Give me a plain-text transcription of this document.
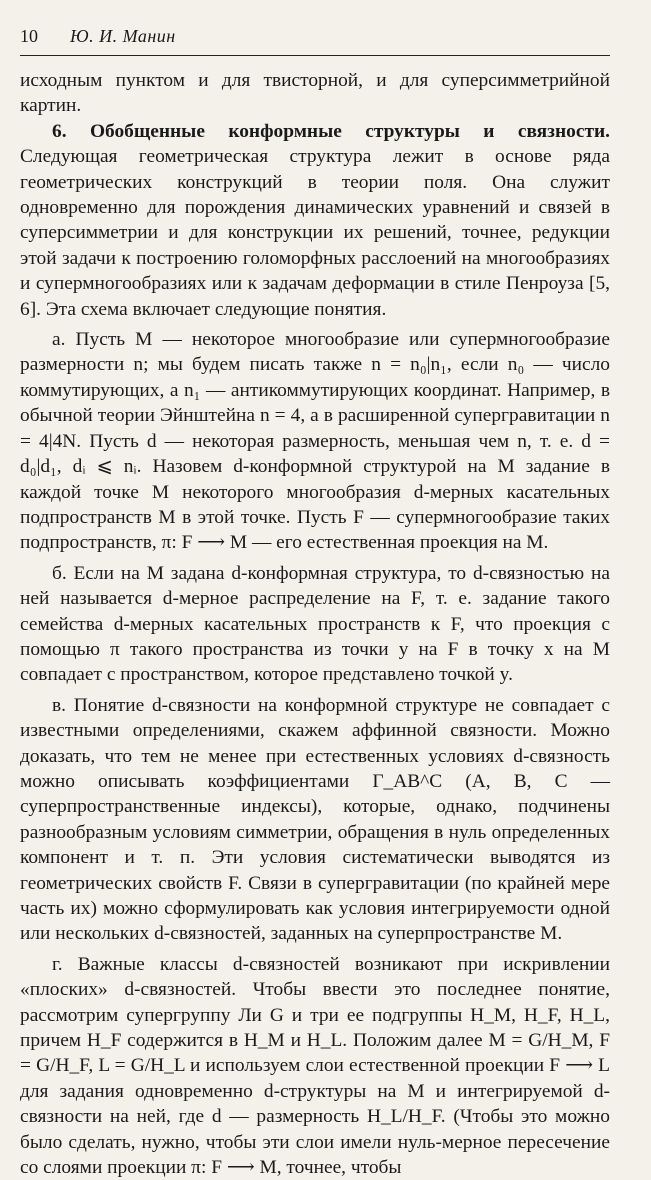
10 Ю. И. Манин

исходным пунктом и для твисторной, и для суперсимметрийной картин.

6. Обобщенные конформные структуры и связности. Следующая геометрическая структура лежит в основе ряда геометрических конструкций в теории поля. Она служит одновременно для порождения динамических уравнений и связей в суперсимметрии и для конструкции их решений, точнее, редукции этой задачи к построению голоморфных расслоений на многообразиях и супермногообразиях или к задачам деформации в стиле Пенроуза [5, 6]. Эта схема включает следующие понятия.

а. Пусть M — некоторое многообразие или супермногообразие размерности n; мы будем писать также n = n₀|n₁, если n₀ — число коммутирующих, а n₁ — антикоммутирующих координат. Например, в обычной теории Эйнштейна n = 4, а в расширенной супергравитации n = 4|4N. Пусть d — некоторая размерность, меньшая чем n, т. е. d = d₀|d₁, dᵢ ⩽ nᵢ. Назовем d-конформной структурой на M задание в каждой точке M некоторого многообразия d-мерных касательных подпространств M в этой точке. Пусть F — супермногообразие таких подпространств, π: F ⟶ M — его естественная проекция на M.

б. Если на M задана d-конформная структура, то d-связностью на ней называется d-мерное распределение на F, т. е. задание такого семейства d-мерных касательных пространств к F, что проекция с помощью π такого пространства из точки y на F в точку x на M совпадает с пространством, которое представлено точкой y.

в. Понятие d-связности на конформной структуре не совпадает с известными определениями, скажем аффинной связности. Можно доказать, что тем не менее при естественных условиях d-связность можно описывать коэффициентами Γ_AB^C (A, B, C — суперпространственные индексы), которые, однако, подчинены разнообразным условиям симметрии, обращения в нуль определенных компонент и т. п. Эти условия систематически выводятся из геометрических свойств F. Связи в супергравитации (по крайней мере часть их) можно сформулировать как условия интегрируемости одной или нескольких d-связностей, заданных на суперпространстве M.

г. Важные классы d-связностей возникают при искривлении «плоских» d-связностей. Чтобы ввести это последнее понятие, рассмотрим супергруппу Ли G и три ее подгруппы H_M, H_F, H_L, причем H_F содержится в H_M и H_L. Положим далее M = G/H_M, F = G/H_F, L = G/H_L и используем слои естественной проекции F ⟶ L для задания одновременно d-структуры на M и интегрируемой d-связности на ней, где d — размерность H_L/H_F. (Чтобы это можно было сделать, нужно, чтобы эти слои имели нуль-мерное пересечение со слоями проекции π: F ⟶ M, точнее, чтобы
